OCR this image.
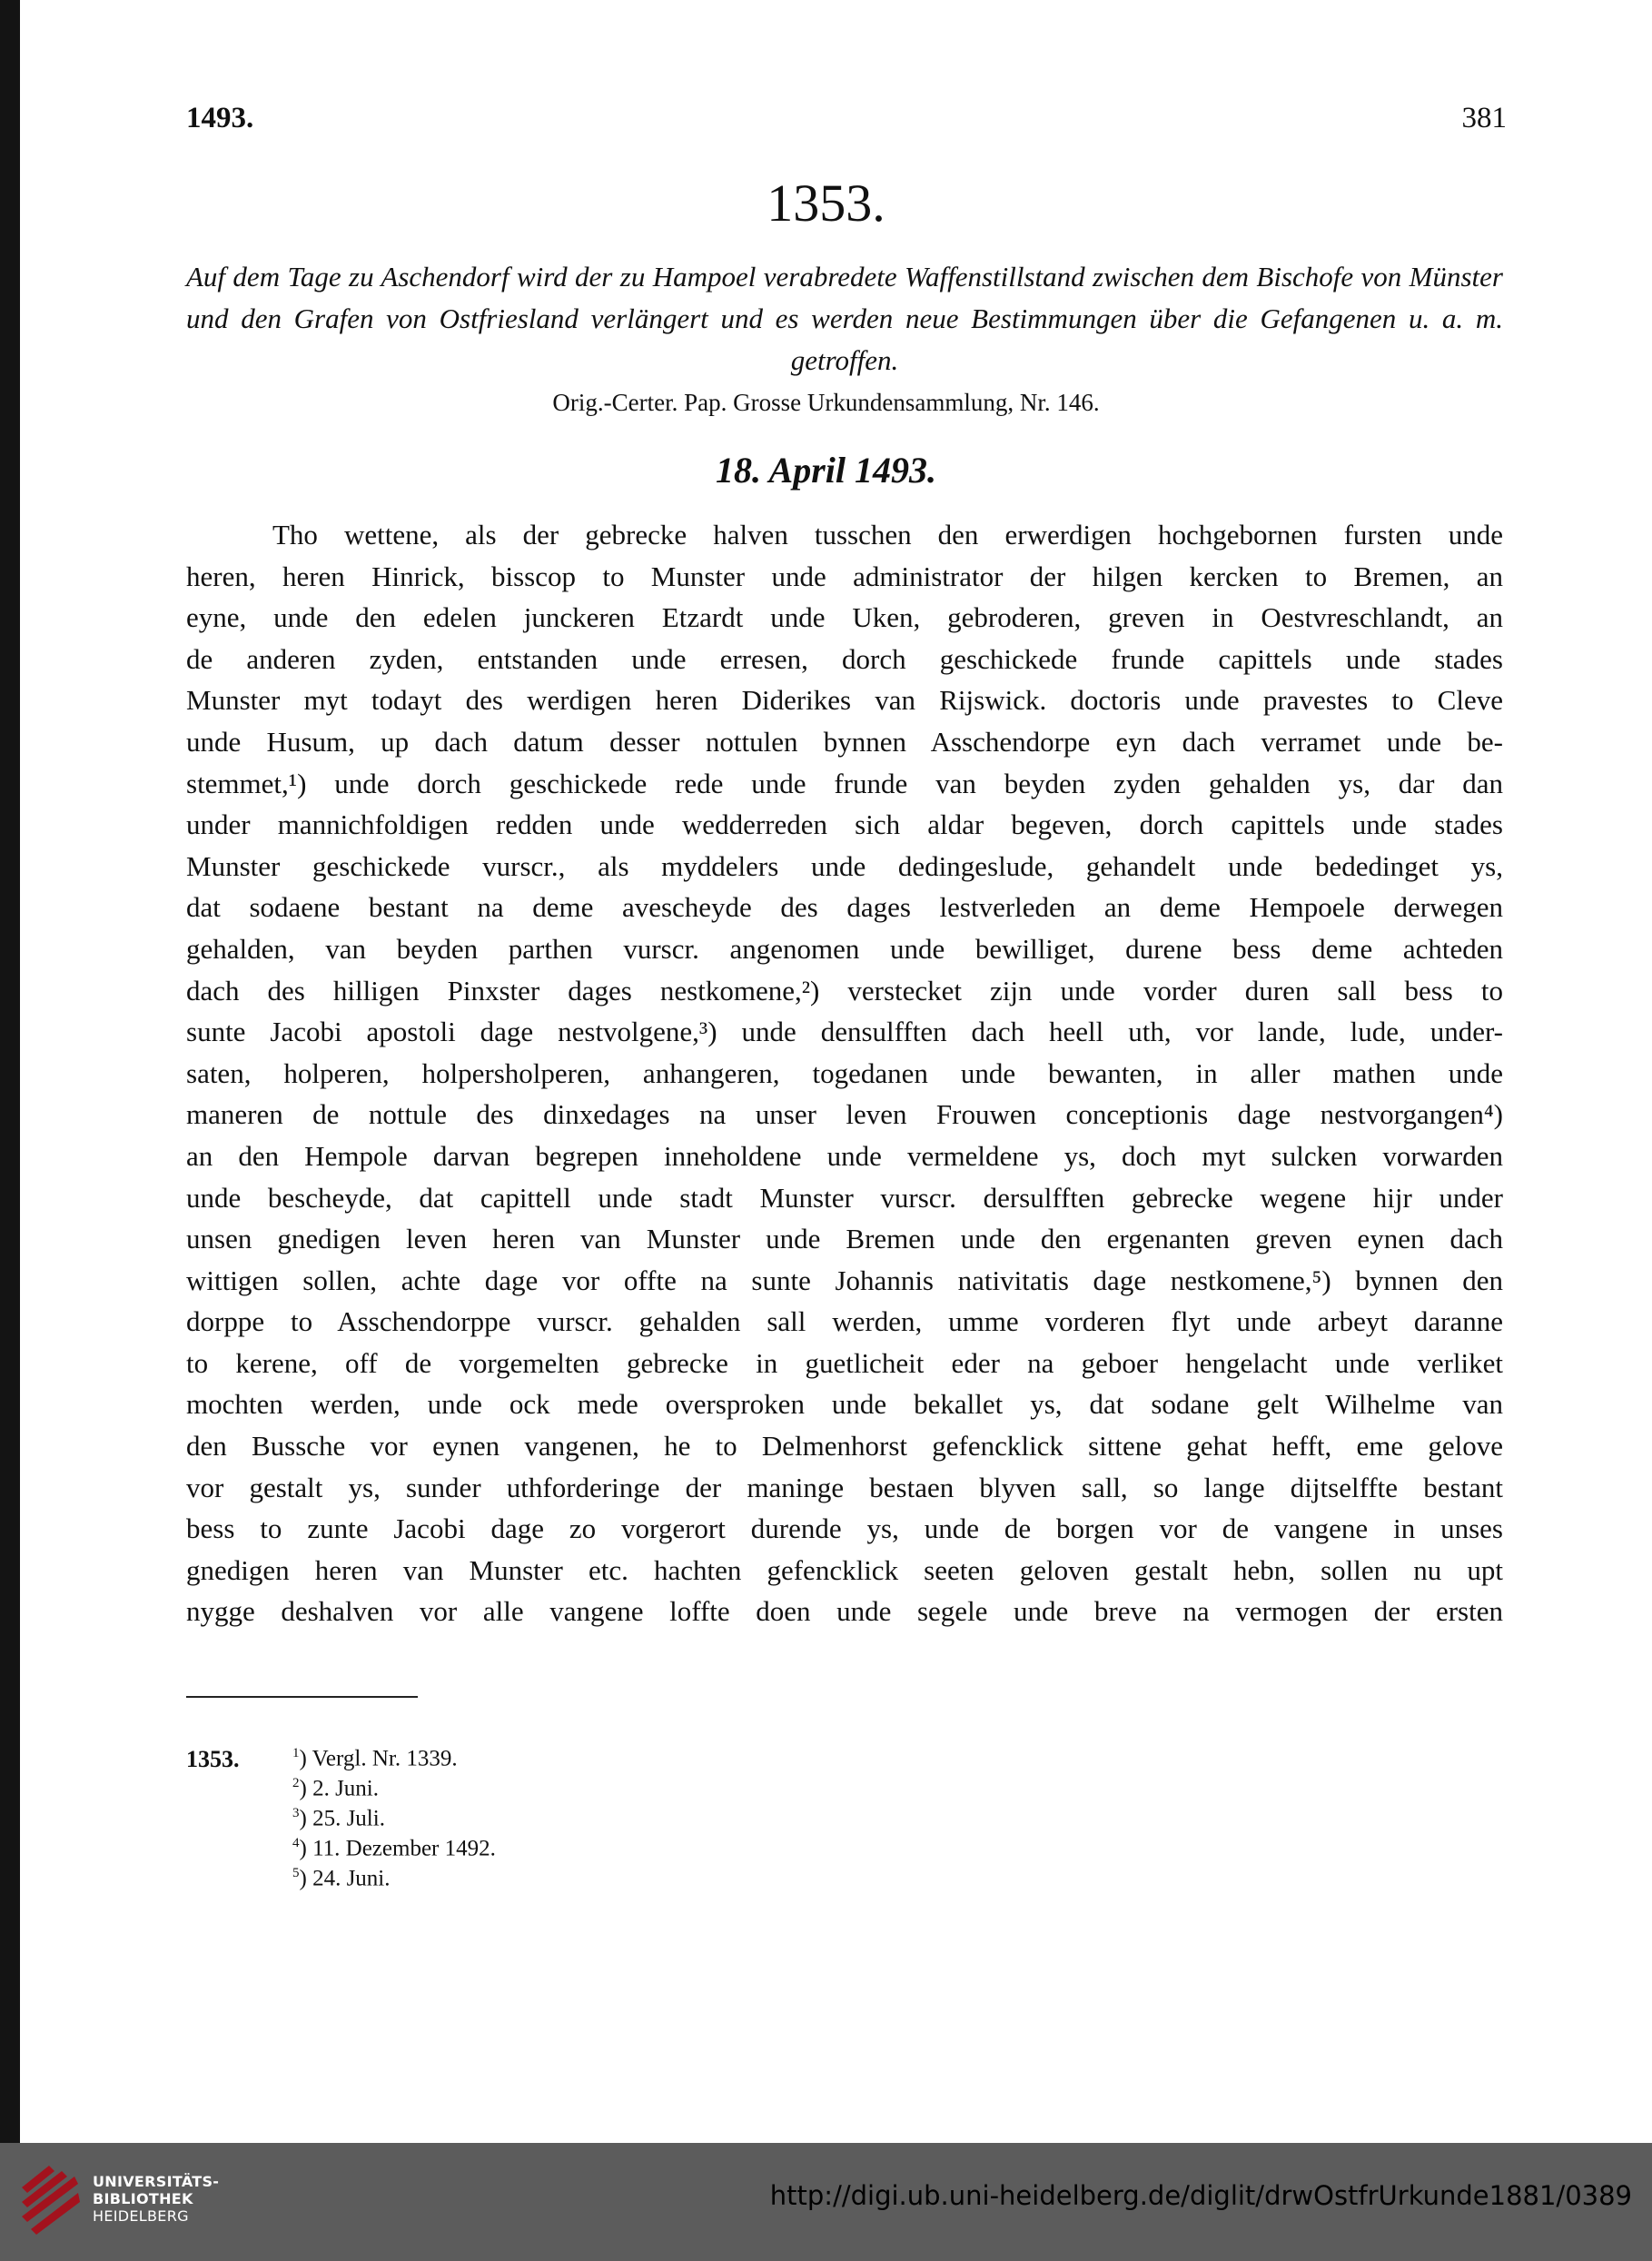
1493.	381
1353.
Auf dem Tage zu Aschendorf wird der zu Hampoel verabredete Waffenstillstand zwischen dem Bischofe von Münster und den Grafen von Ostfriesland verlängert und es werden neue Bestimmungen über die Gefangenen u. a. m. getroffen.
Orig.-Certer. Pap. Grosse Urkundensammlung, Nr. 146.
18. April 1493.
Tho wettene, als der gebrecke halven tusschen den erwerdigen hochgebornen fursten unde
heren, heren Hinrick, bisscop to Munster unde administrator der hilgen kercken to Bremen, an
eyne, unde den edelen junckeren Etzardt unde Uken, gebroderen, greven in Oestvreschlandt, an
de anderen zyden, entstanden unde erresen, dorch geschickede frunde capittels unde stades
Munster myt todayt des werdigen heren Diderikes van Rijswick. doctoris unde pravestes to Cleve
unde Husum, up dach datum desser nottulen bynnen Asschendorpe eyn dach verramet unde be-
stemmet,¹) unde dorch geschickede rede unde frunde van beyden zyden gehalden ys, dar dan
under mannichfoldigen redden unde wedderreden sich aldar begeven, dorch capittels unde stades
Munster geschickede vurscr., als myddelers unde dedingeslude, gehandelt unde bededinget ys,
dat sodaene bestant na deme avescheyde des dages lestverleden an deme Hempoele derwegen
gehalden, van beyden parthen vurscr. angenomen unde bewilliget, durene bess deme achteden
dach des hilligen Pinxster dages nestkomene,²) verstecket zijn unde vorder duren sall bess to
sunte Jacobi apostoli dage nestvolgene,³) unde densulfften dach heell uth, vor lande, lude, under-
saten, holperen, holpersholperen, anhangeren, togedanen unde bewanten, in aller mathen unde
maneren de nottule des dinxedages na unser leven Frouwen conceptionis dage nestvorgangen⁴)
an den Hempole darvan begrepen inneholdene unde vermeldene ys, doch myt sulcken vorwarden
unde bescheyde, dat capittell unde stadt Munster vurscr. dersulfften gebrecke wegene hijr under
unsen gnedigen leven heren van Munster unde Bremen unde den ergenanten greven eynen dach
wittigen sollen, achte dage vor offte na sunte Johannis nativitatis dage nestkomene,⁵) bynnen den
dorppe to Asschendorppe vurscr. gehalden sall werden, umme vorderen flyt unde arbeyt daranne
to kerene, off de vorgemelten gebrecke in guetlicheit eder na geboer hengelacht unde verliket
mochten werden, unde ock mede oversproken unde bekallet ys, dat sodane gelt Wilhelme van
den Bussche vor eynen vangenen, he to Delmenhorst gefencklick sittene gehat hefft, eme gelove
vor gestalt ys, sunder uthforderinge der maninge bestaen blyven sall, so lange dijtselffte bestant
bess to zunte Jacobi dage zo vorgerort durende ys, unde de borgen vor de vangene in unses
gnedigen heren van Munster etc. hachten gefencklick seeten geloven gestalt hebn, sollen nu upt
nygge deshalven vor alle vangene loffte doen unde segele unde breve na vermogen der ersten
1353.	$^1$) Vergl. Nr. 1339.
$^2$) 2. Juni.
$^3$) 25. Juli.
$^4$) 11. Dezember 1492.
$^5$) 24. Juni.
UNIVERSITÄTS-
BIBLIOTHEK
HEIDELBERG
http://digi.ub.uni-heidelberg.de/diglit/drwOstfrUrkunde1881/0389
